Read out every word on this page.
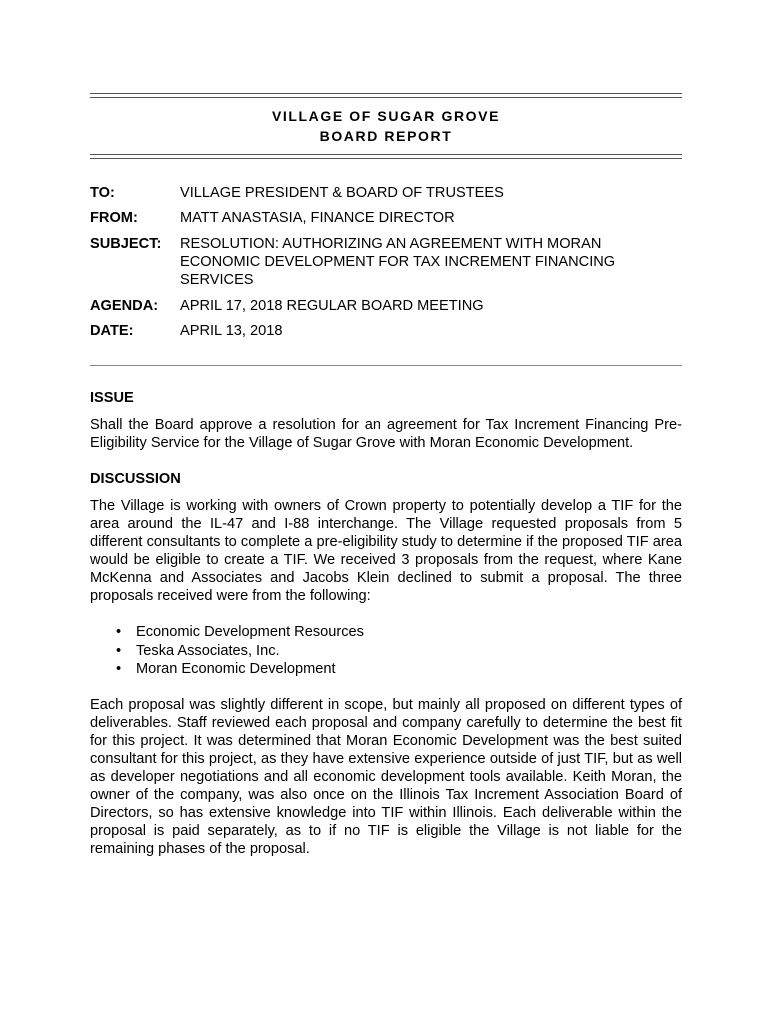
VILLAGE OF SUGAR GROVE
BOARD REPORT
TO:	VILLAGE PRESIDENT & BOARD OF TRUSTEES
FROM:	MATT ANASTASIA, FINANCE DIRECTOR
SUBJECT: RESOLUTION: AUTHORIZING AN AGREEMENT WITH MORAN
ECONOMIC DEVELOPMENT FOR TAX INCREMENT FINANCING
SERVICES
AGENDA: APRIL 17, 2018 REGULAR BOARD MEETING
DATE:	APRIL 13, 2018
ISSUE
Shall the Board approve a resolution for an agreement for Tax Increment Financing Pre-Eligibility Service for the Village of Sugar Grove with Moran Economic Development.
DISCUSSION
The Village is working with owners of Crown property to potentially develop a TIF for the area around the IL-47 and I-88 interchange. The Village requested proposals from 5 different consultants to complete a pre-eligibility study to determine if the proposed TIF area would be eligible to create a TIF. We received 3 proposals from the request, where Kane McKenna and Associates and Jacobs Klein declined to submit a proposal. The three proposals received were from the following:
• Economic Development Resources
• Teska Associates, Inc.
• Moran Economic Development
Each proposal was slightly different in scope, but mainly all proposed on different types of deliverables. Staff reviewed each proposal and company carefully to determine the best fit for this project. It was determined that Moran Economic Development was the best suited consultant for this project, as they have extensive experience outside of just TIF, but as well as developer negotiations and all economic development tools available. Keith Moran, the owner of the company, was also once on the Illinois Tax Increment Association Board of Directors, so has extensive knowledge into TIF within Illinois. Each deliverable within the proposal is paid separately, as to if no TIF is eligible the Village is not liable for the remaining phases of the proposal.
